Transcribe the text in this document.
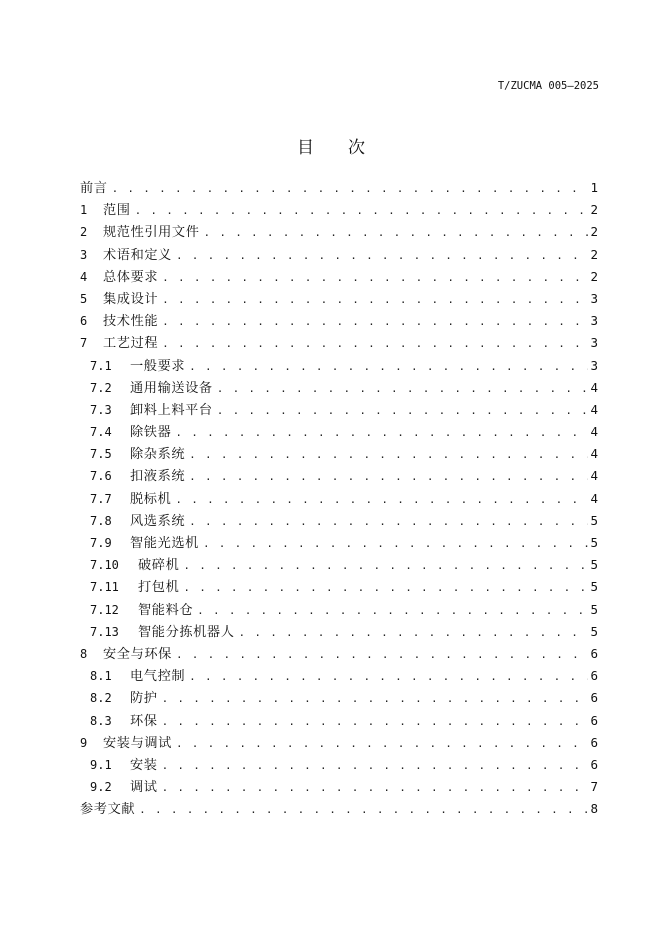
T/ZUCMA 005—2025
目次
前言 . . .	1
1	范围 . . .	2
2	规范性引用文件 . . .	2
3	术语和定义 . . .	2
4	总体要求 . . .	2
5	集成设计 . . .	3
6	技术性能 . . .	3
7	工艺过程 . . .	3
7.1	一般要求 . . .	3
7.2	通用输送设备 . . .	4
7.3	卸料上料平台 . . .	4
7.4	除铁器 . . .	4
7.5	除杂系统 . . .	4
7.6	扣液系统 . . .	4
7.7	脱标机 . . .	4
7.8	风选系统 . . .	5
7.9	智能光选机 . . .	5
7.10	破碎机 . . .	5
7.11	打包机 . . .	5
7.12	智能料仓 . . .	5
7.13	智能分拣机器人 . . .	5
8	安全与环保 . . .	6
8.1	电气控制 . . .	6
8.2	防护 . . .	6
8.3	环保 . . .	6
9	安装与调试 . . .	6
9.1	安装 . . .	6
9.2	调试 . . .	7
参考文献 . . .	8
